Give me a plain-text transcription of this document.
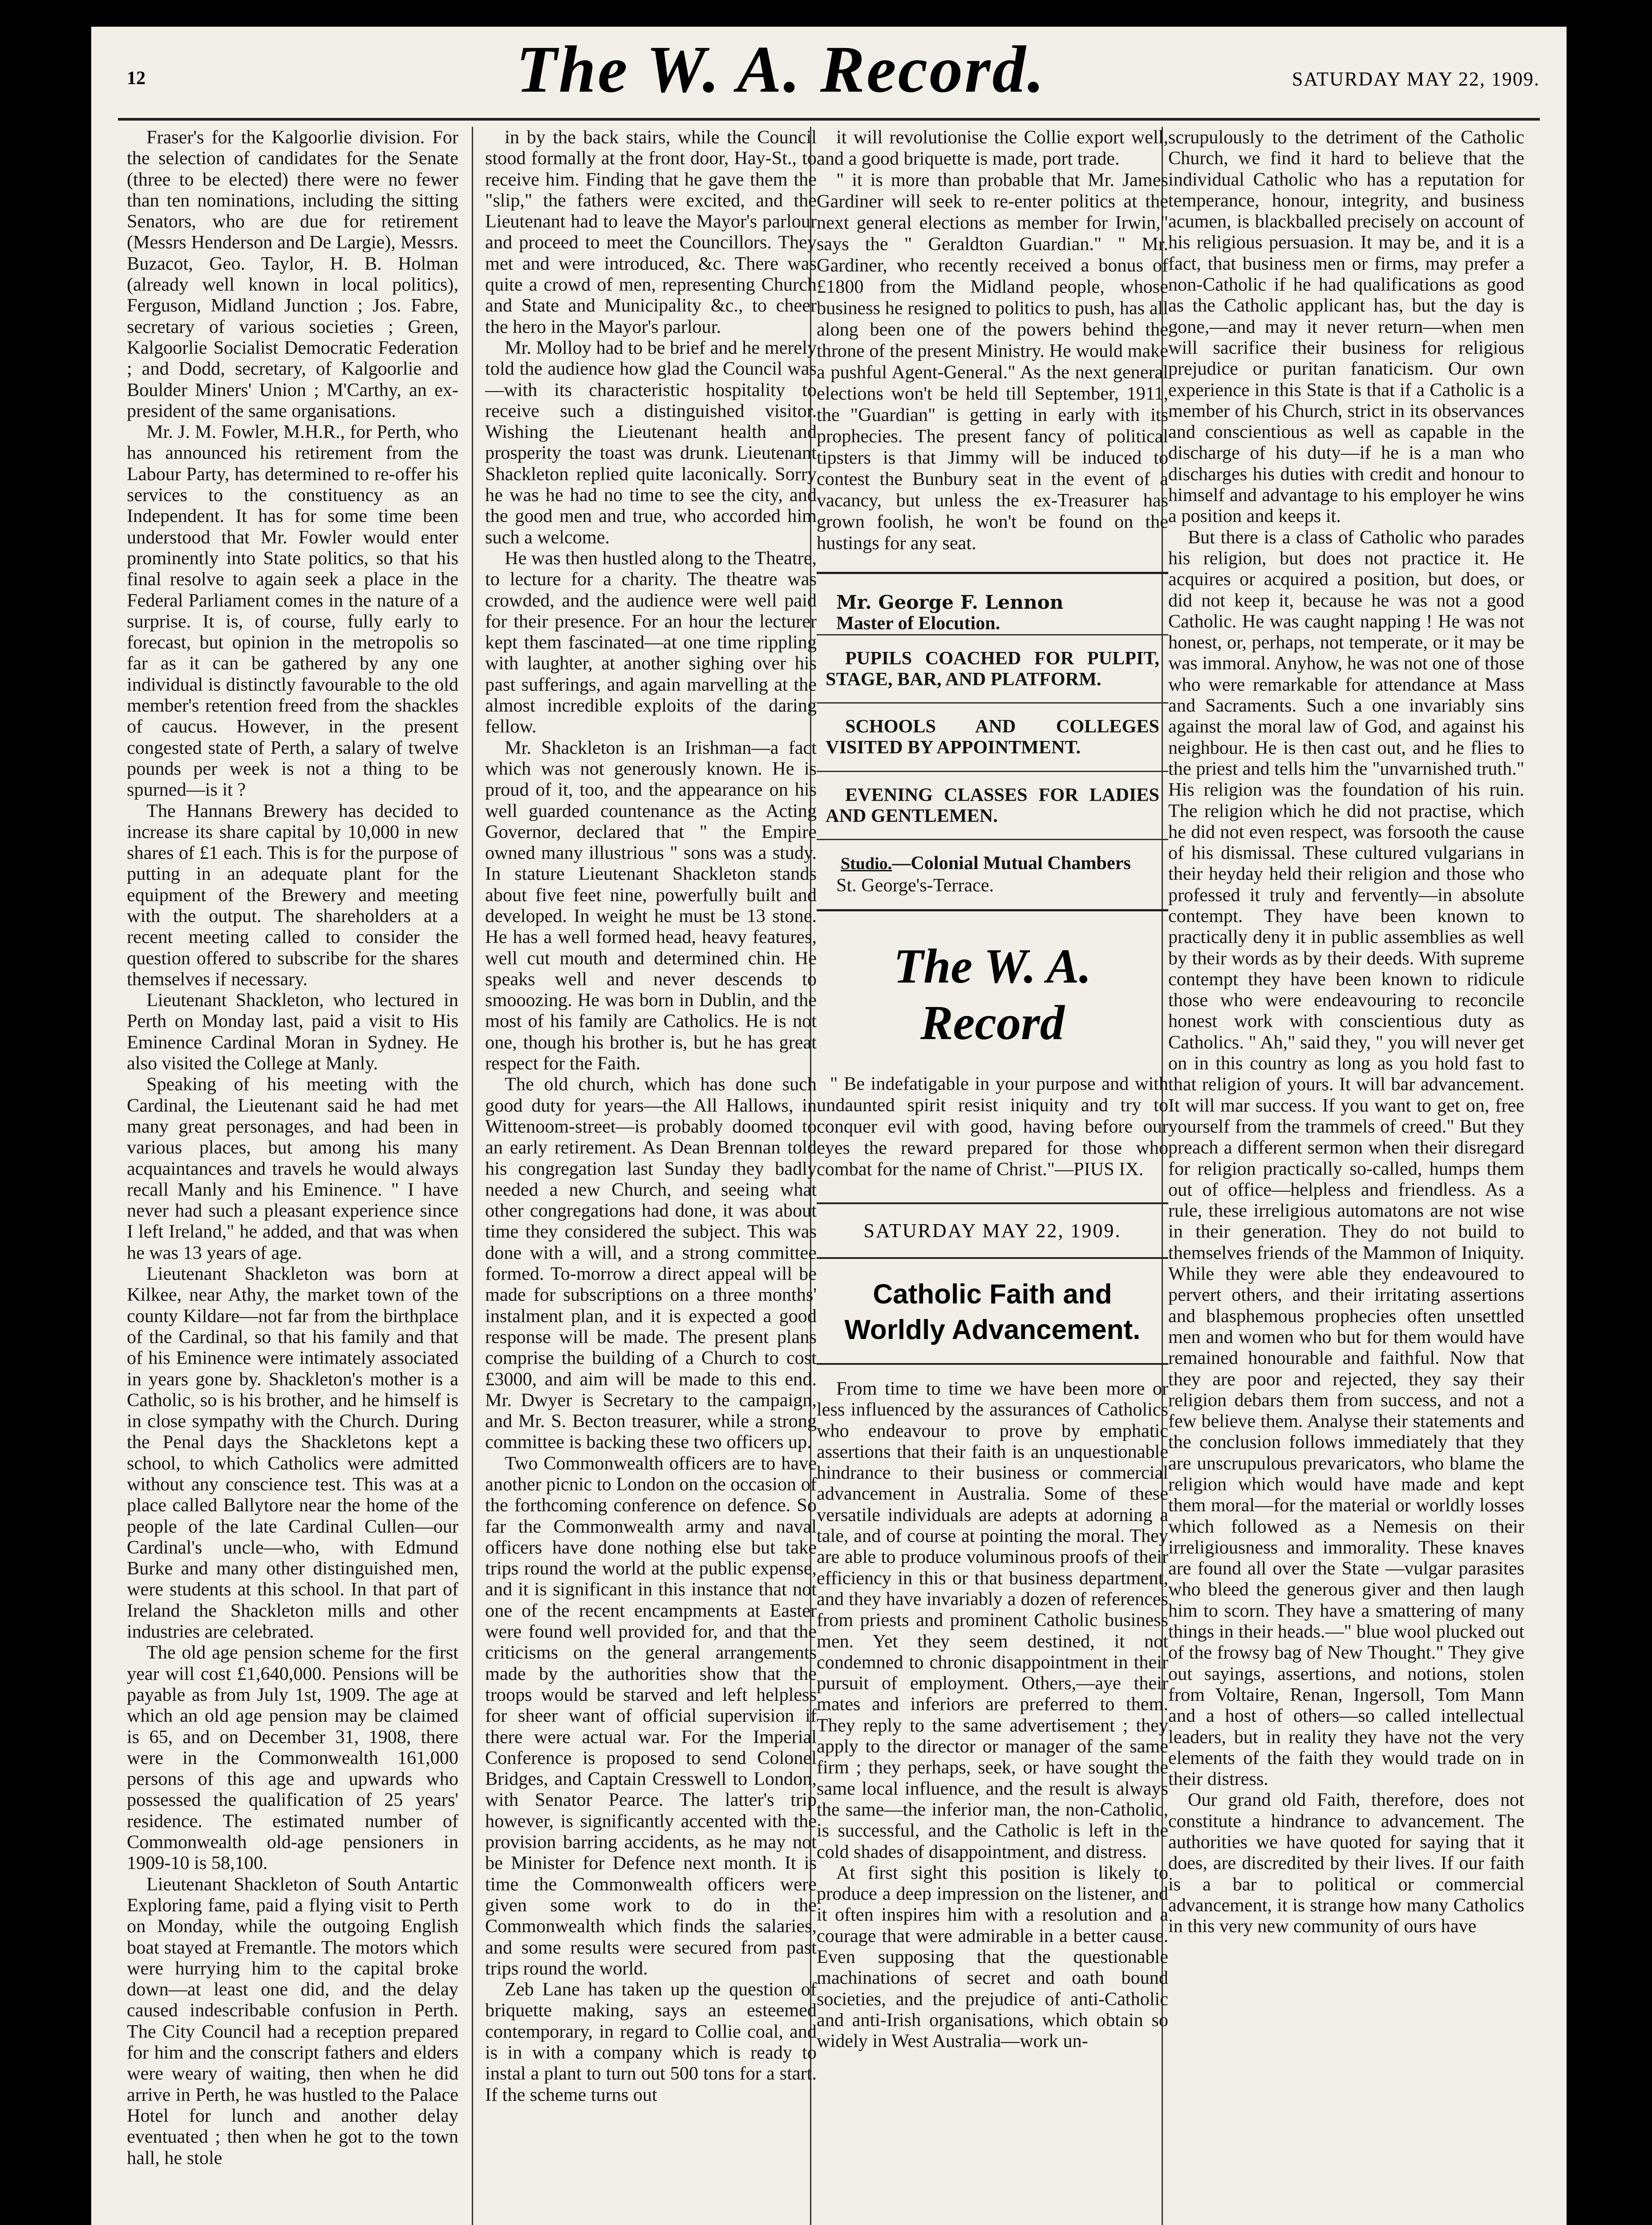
12	The W. A. Record.	SATURDAY MAY 22, 1909.

Fraser's for the Kalgoorlie division. For the selection of candidates for the Senate (three to be elected) there were no fewer than ten nominations, including the sitting Senators, who are due for retirement (Messrs Henderson and De Largie), Messrs. Buzacot, Geo. Taylor, H. B. Holman (already well known in local politics), Ferguson, Midland Junction ; Jos. Fabre, secretary of various societies ; Green, Kalgoorlie Socialist Democratic Federation ; and Dodd, secretary, of Kalgoorlie and Boulder Miners' Union ; M'Carthy, an ex-president of the same organisations.

Mr. J. M. Fowler, M.H.R., for Perth, who has announced his retirement from the Labour Party, has determined to re-offer his services to the constituency as an Independent. It has for some time been understood that Mr. Fowler would enter prominently into State politics, so that his final resolve to again seek a place in the Federal Parliament comes in the nature of a surprise. It is, of course, fully early to forecast, but opinion in the metropolis so far as it can be gathered by any one individual is distinctly favourable to the old member's retention freed from the shackles of caucus. However, in the present congested state of Perth, a salary of twelve pounds per week is not a thing to be spurned—is it ?

The Hannans Brewery has decided to increase its share capital by 10,000 in new shares of £1 each. This is for the purpose of putting in an adequate plant for the equipment of the Brewery and meeting with the output. The shareholders at a recent meeting called to consider the question offered to subscribe for the shares themselves if necessary.

Lieutenant Shackleton, who lectured in Perth on Monday last, paid a visit to His Eminence Cardinal Moran in Sydney. He also visited the College at Manly.

Speaking of his meeting with the Cardinal, the Lieutenant said he had met many great personages, and had been in various places, but among his many acquaintances and travels he would always recall Manly and his Eminence. " I have never had such a pleasant experience since I left Ireland," he added, and that was when he was 13 years of age.

Lieutenant Shackleton was born at Kilkee, near Athy, the market town of the county Kildare—not far from the birthplace of the Cardinal, so that his family and that of his Eminence were intimately associated in years gone by. Shackleton's mother is a Catholic, so is his brother, and he himself is in close sympathy with the Church. During the Penal days the Shackletons kept a school, to which Catholics were admitted without any conscience test. This was at a place called Ballytore near the home of the people of the late Cardinal Cullen—our Cardinal's uncle—who, with Edmund Burke and many other distinguished men, were students at this school. In that part of Ireland the Shackleton mills and other industries are celebrated.

The old age pension scheme for the first year will cost £1,640,000. Pensions will be payable as from July 1st, 1909. The age at which an old age pension may be claimed is 65, and on December 31, 1908, there were in the Commonwealth 161,000 persons of this age and upwards who possessed the qualification of 25 years' residence. The estimated number of Commonwealth old-age pensioners in 1909-10 is 58,100.

Lieutenant Shackleton of South Antartic Exploring fame, paid a flying visit to Perth on Monday, while the outgoing English boat stayed at Fremantle. The motors which were hurrying him to the capital broke down—at least one did, and the delay caused indescribable confusion in Perth. The City Council had a reception prepared for him and the conscript fathers and elders were weary of waiting, then when he did arrive in Perth, he was hustled to the Palace Hotel for lunch and another delay eventuated ; then when he got to the town hall, he stole

in by the back stairs, while the Council stood formally at the front door, Hay-St., to receive him. Finding that he gave them the "slip," the fathers were excited, and the Lieutenant had to leave the Mayor's parlour and proceed to meet the Councillors. They met and were introduced, &c. There was quite a crowd of men, representing Church and State and Municipality &c., to cheer the hero in the Mayor's parlour.

Mr. Molloy had to be brief and he merely told the audience how glad the Council was—with its characteristic hospitality to receive such a distinguished visitor. Wishing the Lieutenant health and prosperity the toast was drunk. Lieutenant Shackleton replied quite laconically. Sorry he was he had no time to see the city, and the good men and true, who accorded him such a welcome.

He was then hustled along to the Theatre, to lecture for a charity. The theatre was crowded, and the audience were well paid for their presence. For an hour the lecturer kept them fascinated—at one time rippling with laughter, at another sighing over his past sufferings, and again marvelling at the almost incredible exploits of the daring fellow.

Mr. Shackleton is an Irishman—a fact which was not generously known. He is proud of it, too, and the appearance on his well guarded countenance as the Acting Governor, declared that " the Empire owned many illustrious " sons was a study. In stature Lieutenant Shackleton stands about five feet nine, powerfully built and developed. In weight he must be 13 stone. He has a well formed head, heavy features, well cut mouth and determined chin. He speaks well and never descends to smooozing. He was born in Dublin, and the most of his family are Catholics. He is not one, though his brother is, but he has great respect for the Faith.

The old church, which has done such good duty for years—the All Hallows, in Wittenoom-street—is probably doomed to an early retirement. As Dean Brennan told his congregation last Sunday they badly needed a new Church, and seeing what other congregations had done, it was about time they considered the subject. This was done with a will, and a strong committee formed. To-morrow a direct appeal will be made for subscriptions on a three months' instalment plan, and it is expected a good response will be made. The present plans comprise the building of a Church to cost £3000, and aim will be made to this end. Mr. Dwyer is Secretary to the campaign, and Mr. S. Becton treasurer, while a strong committee is backing these two officers up.

Two Commonwealth officers are to have another picnic to London on the occasion of the forthcoming conference on defence. So far the Commonwealth army and naval officers have done nothing else but take trips round the world at the public expense, and it is significant in this instance that not one of the recent encampments at Easter were found well provided for, and that the criticisms on the general arrangements made by the authorities show that the troops would be starved and left helpless for sheer want of official supervision if there were actual war. For the Imperial Conference is proposed to send Colonel Bridges, and Captain Cresswell to London, with Senator Pearce. The latter's trip however, is significantly accented with the provision barring accidents, as he may not be Minister for Defence next month. It is time the Commonwealth officers were given some work to do in the Commonwealth which finds the salaries, and some results were secured from past trips round the world.

Zeb Lane has taken up the question of briquette making, says an esteemed contemporary, in regard to Collie coal, and is in with a company which is ready to instal a plant to turn out 500 tons for a start. If the scheme turns out

it will revolutionise the Collie export well, and a good briquette is made, port trade.

" it is more than probable that Mr. James Gardiner will seek to re-enter politics at the next general elections as member for Irwin," says the " Geraldton Guardian." " Mr. Gardiner, who recently received a bonus of £1800 from the Midland people, whose business he resigned to politics to push, has all along been one of the powers behind the throne of the present Ministry. He would make a pushful Agent-General." As the next general elections won't be held till September, 1911, the "Guardian" is getting in early with its prophecies. The present fancy of political tipsters is that Jimmy will be induced to contest the Bunbury seat in the event of a vacancy, but unless the ex-Treasurer has grown foolish, he won't be found on the hustings for any seat.

Mr. George F. Lennon

Master of Elocution.

PUPILS COACHED FOR PULPIT, STAGE, BAR, AND PLATFORM.

SCHOOLS AND COLLEGES VISITED BY APPOINTMENT.

EVENING CLASSES FOR LADIES AND GENTLEMEN.

Studio.—Colonial Mutual Chambers

St. George's-Terrace.

The W. A. Record

" Be indefatigable in your purpose and with undaunted spirit resist iniquity and try to conquer evil with good, having before our eyes the reward prepared for those who combat for the name of Christ."—PIUS IX.

SATURDAY MAY 22, 1909.
Catholic Faith and
Worldly Advancement.

From time to time we have been more or less influenced by the assurances of Catholics who endeavour to prove by emphatic assertions that their faith is an unquestionable hindrance to their business or commercial advancement in Australia. Some of these versatile individuals are adepts at adorning a tale, and of course at pointing the moral. They are able to produce voluminous proofs of their efficiency in this or that business department, and they have invariably a dozen of references from priests and prominent Catholic business men. Yet they seem destined, it not condemned to chronic disappointment in their pursuit of employment. Others,—aye their mates and inferiors are preferred to them. They reply to the same advertisement ; they apply to the director or manager of the same firm ; they perhaps, seek, or have sought the same local influence, and the result is always the same—the inferior man, the non-Catholic, is successful, and the Catholic is left in the cold shades of disappointment, and distress.

At first sight this position is likely to produce a deep impression on the listener, and it often inspires him with a resolution and a courage that were admirable in a better cause. Even supposing that the questionable machinations of secret and oath bound societies, and the prejudice of anti-Catholic and anti-Irish organisations, which obtain so widely in West Australia—work un-

scrupulously to the detriment of the Catholic Church, we find it hard to believe that the individual Catholic who has a reputation for temperance, honour, integrity, and business acumen, is blackballed precisely on account of his religious persuasion. It may be, and it is a fact, that business men or firms, may prefer a non-Catholic if he had qualifications as good as the Catholic applicant has, but the day is gone,—and may it never return—when men will sacrifice their business for religious prejudice or puritan fanaticism. Our own experience in this State is that if a Catholic is a member of his Church, strict in its observances and conscientious as well as capable in the discharge of his duty—if he is a man who discharges his duties with credit and honour to himself and advantage to his employer he wins a position and keeps it.

But there is a class of Catholic who parades his religion, but does not practice it. He acquires or acquired a position, but does, or did not keep it, because he was not a good Catholic. He was caught napping ! He was not honest, or, perhaps, not temperate, or it may be was immoral. Anyhow, he was not one of those who were remarkable for attendance at Mass and Sacraments. Such a one invariably sins against the moral law of God, and against his neighbour. He is then cast out, and he flies to the priest and tells him the "unvarnished truth." His religion was the foundation of his ruin. The religion which he did not practise, which he did not even respect, was forsooth the cause of his dismissal. These cultured vulgarians in their heyday held their religion and those who professed it truly and fervently—in absolute contempt. They have been known to practically deny it in public assemblies as well by their words as by their deeds. With supreme contempt they have been known to ridicule those who were endeavouring to reconcile honest work with conscientious duty as Catholics. " Ah," said they, " you will never get on in this country as long as you hold fast to that religion of yours. It will bar advancement. It will mar success. If you want to get on, free yourself from the trammels of creed." But they preach a different sermon when their disregard for religion practically so-called, humps them out of office—helpless and friendless. As a rule, these irreligious automatons are not wise in their generation. They do not build to themselves friends of the Mammon of Iniquity. While they were able they endeavoured to pervert others, and their irritating assertions and blasphemous prophecies often unsettled men and women who but for them would have remained honourable and faithful. Now that they are poor and rejected, they say their religion debars them from success, and not a few believe them. Analyse their statements and the conclusion follows immediately that they are unscrupulous prevaricators, who blame the religion which would have made and kept them moral—for the material or worldly losses which followed as a Nemesis on their irreligiousness and immorality. These knaves are found all over the State —vulgar parasites who bleed the generous giver and then laugh him to scorn. They have a smattering of many things in their heads.—" blue wool plucked out of the frowsy bag of New Thought." They give out sayings, assertions, and notions, stolen from Voltaire, Renan, Ingersoll, Tom Mann and a host of others—so called intellectual leaders, but in reality they have not the very elements of the faith they would trade on in their distress.

Our grand old Faith, therefore, does not constitute a hindrance to advancement. The authorities we have quoted for saying that it does, are discredited by their lives. If our faith is a bar to political or commercial advancement, it is strange how many Catholics in this very new community of ours have
